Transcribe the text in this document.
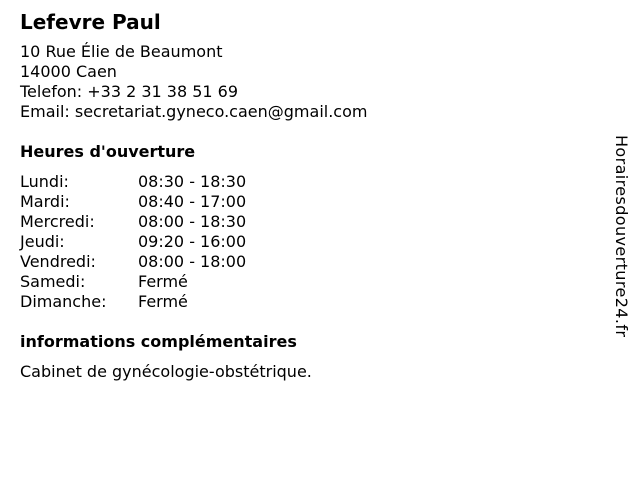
Lefevre Paul
10 Rue Élie de Beaumont
14000 Caen
Telefon: +33 2 31 38 51 69
Email: secretariat.gyneco.caen@gmail.com
Heures d'ouverture
Lundi:	08:30 - 18:30
Mardi:	08:40 - 17:00
Mercredi:	08:00 - 18:30
Jeudi:	09:20 - 16:00
Vendredi:	08:00 - 18:00
Samedi:	Fermé
Dimanche:	Fermé
informations complémentaires
Cabinet de gynécologie-obstétrique.
Horairesdouverture24.fr
